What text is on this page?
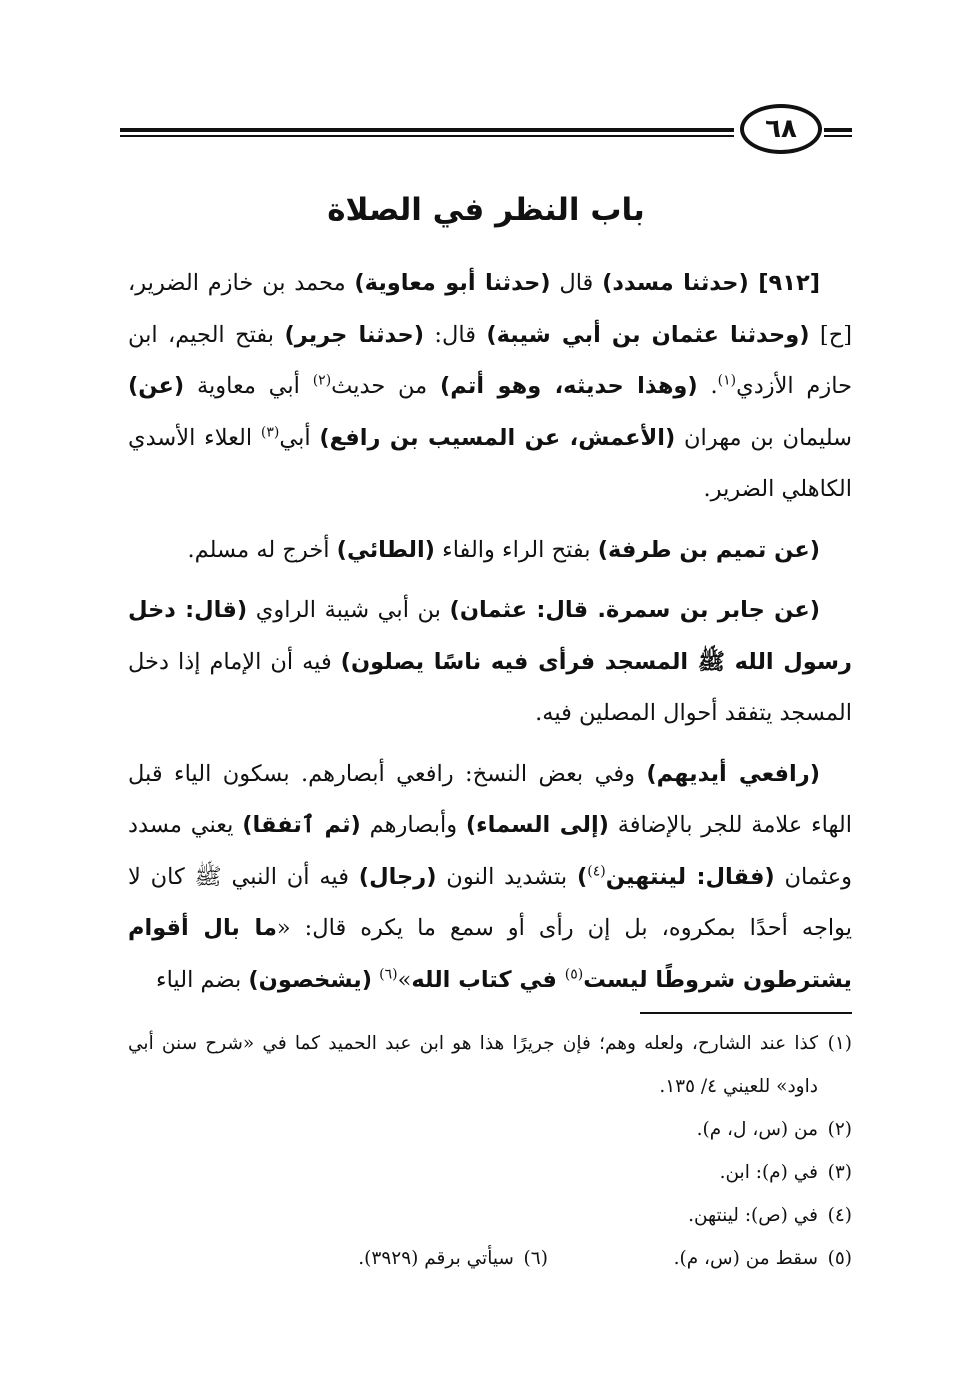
٦٨
باب النظر في الصلاة

[٩١٢] (حدثنا مسدد) قال (حدثنا أبو معاوية) محمد بن خازم الضرير، [ح] (وحدثنا عثمان بن أبي شيبة) قال: (حدثنا جرير) بفتح الجيم، ابن حازم الأزدي$^{(١)}$. (وهذا حديثه، وهو أتم) من حديث$^{(٢)}$ أبي معاوية (عن) سليمان بن مهران (الأعمش، عن المسيب بن رافع) أبي$^{(٣)}$ العلاء الأسدي الكاهلي الضرير.

(عن تميم بن طرفة) بفتح الراء والفاء (الطائي) أخرج له مسلم.

(عن جابر بن سمرة. قال: عثمان) بن أبي شيبة الراوي (قال: دخل رسول الله ﷺ المسجد فرأى فيه ناسًا يصلون) فيه أن الإمام إذا دخل المسجد يتفقد أحوال المصلين فيه.

(رافعي أيديهم) وفي بعض النسخ: رافعي أبصارهم. بسكون الياء قبل الهاء علامة للجر بالإضافة (إلى السماء) وأبصارهم (ثم ٱتفقا) يعني مسدد وعثمان (فقال: لينتهين$^{(٤)}$) بتشديد النون (رجال) فيه أن النبي ﷺ كان لا يواجه أحدًا بمكروه، بل إن رأى أو سمع ما يكره قال: «ما بال أقوام يشترطون شروطًا ليست$^{(٥)}$ في كتاب الله»$^{(٦)}$ (يشخصون) بضم الياء

(١)
كذا عند الشارح، ولعله وهم؛ فإن جريرًا هذا هو ابن عبد الحميد كما في «شرح سنن أبي داود» للعيني ٤/ ١٣٥.
(٢)
من (س، ل، م).
(٣)
في (م): ابن.
(٤)
في (ص): لينتهن.
(٥)
سقط من (س، م).
(٦)
سيأتي برقم (٣٩٢٩).
